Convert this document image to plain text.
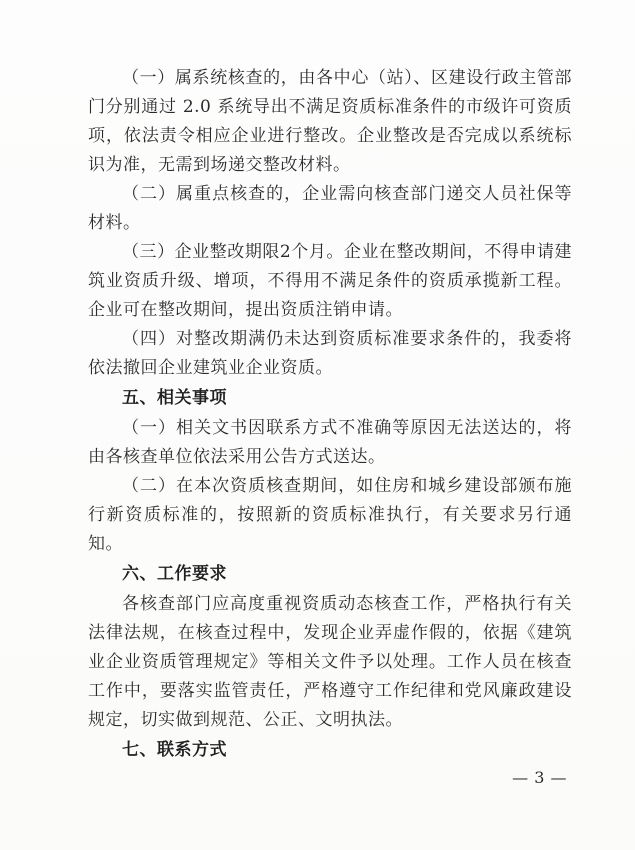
（一）属系统核查的，由各中心（站）、区建设行政主管部门分别通过 2.0 系统导出不满足资质标准条件的市级许可资质项，依法责令相应企业进行整改。企业整改是否完成以系统标识为准，无需到场递交整改材料。

（二）属重点核查的，企业需向核查部门递交人员社保等材料。

（三）企业整改期限2个月。企业在整改期间，不得申请建筑业资质升级、增项，不得用不满足条件的资质承揽新工程。企业可在整改期间，提出资质注销申请。

（四）对整改期满仍未达到资质标准要求条件的，我委将依法撤回企业建筑业企业资质。

五、相关事项

（一）相关文书因联系方式不准确等原因无法送达的，将由各核查单位依法采用公告方式送达。

（二）在本次资质核查期间，如住房和城乡建设部颁布施行新资质标准的，按照新的资质标准执行，有关要求另行通知。

六、工作要求

各核查部门应高度重视资质动态核查工作，严格执行有关法律法规，在核查过程中，发现企业弄虚作假的，依据《建筑业企业资质管理规定》等相关文件予以处理。工作人员在核查工作中，要落实监管责任，严格遵守工作纪律和党风廉政建设规定，切实做到规范、公正、文明执法。

七、联系方式
— 3 —
